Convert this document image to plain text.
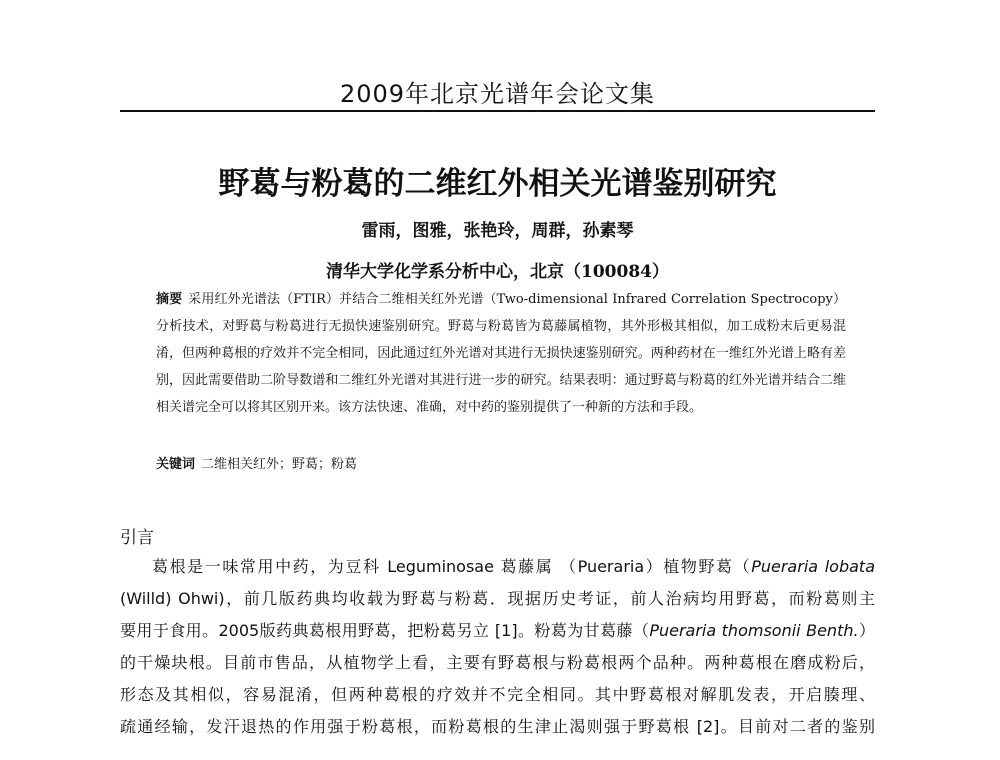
2009年北京光谱年会论文集
野葛与粉葛的二维红外相关光谱鉴别研究
雷雨，图雅，张艳玲，周群，孙素琴
清华大学化学系分析中心，北京（100084）
摘要 采用红外光谱法（FTIR）并结合二维相关红外光谱（Two-dimensional Infrared Correlation Spectrocopy）分析技术，对野葛与粉葛进行无损快速鉴别研究。野葛与粉葛皆为葛藤属植物，其外形极其相似，加工成粉末后更易混淆，但两种葛根的疗效并不完全相同，因此通过红外光谱对其进行无损快速鉴别研究。两种药材在一维红外光谱上略有差别，因此需要借助二阶导数谱和二维红外光谱对其进行进一步的研究。结果表明：通过野葛与粉葛的红外光谱并结合二维相关谱完全可以将其区别开来。该方法快速、准确，对中药的鉴别提供了一种新的方法和手段。
关键词 二维相关红外；野葛；粉葛
引言

葛根是一味常用中药，为豆科 Leguminosae 葛藤属 （Pueraria）植物野葛（Pueraria lobata
(Willd) Ohwi)，前几版药典均收载为野葛与粉葛．现据历史考证，前人治病均用野葛，而粉葛则主
要用于食用。2005版药典葛根用野葛，把粉葛另立 [1]。粉葛为甘葛藤（Pueraria thomsonii Benth.）
的干燥块根。目前市售品，从植物学上看，主要有野葛根与粉葛根两个品种。两种葛根在磨成粉后，
形态及其相似，容易混淆，但两种葛根的疗效并不完全相同。其中野葛根对解肌发表，开启腠理、
疏通经输，发汗退热的作用强于粉葛根，而粉葛根的生津止渴则强于野葛根 [2]。目前对二者的鉴别
